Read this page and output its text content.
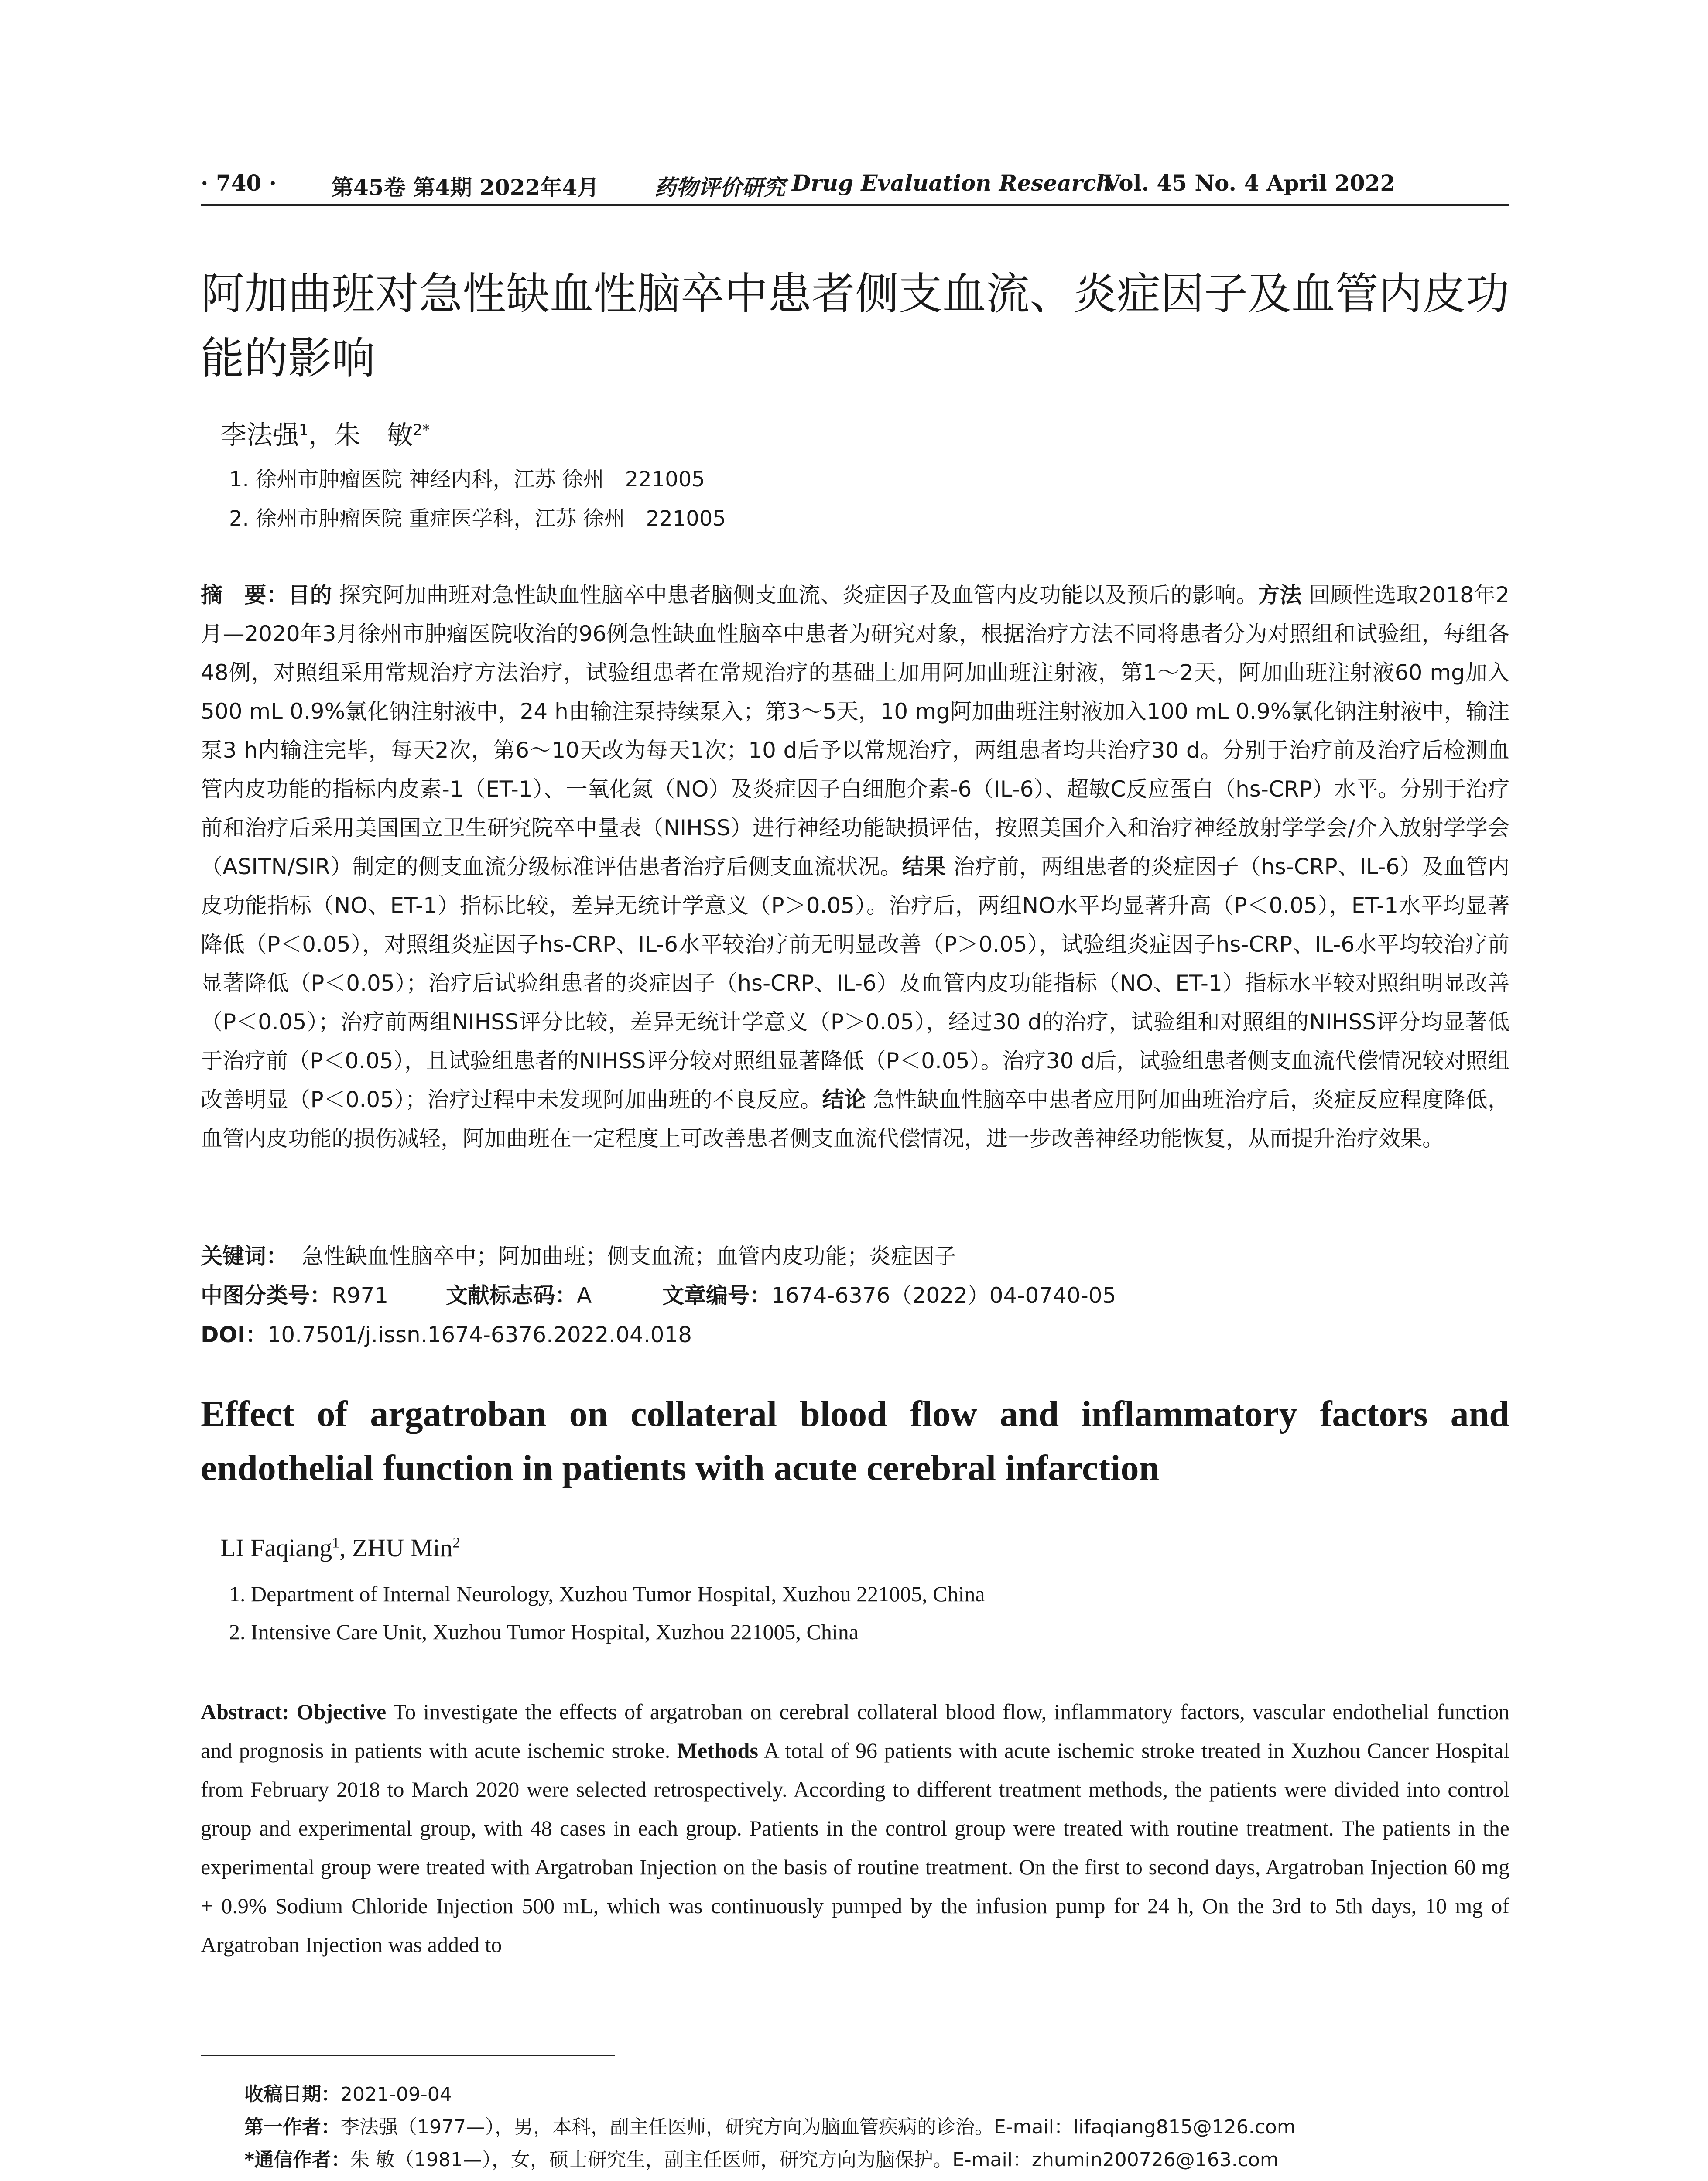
· 740 ·	第45卷 第4期 2022年4月	药物评价研究 Drug Evaluation Research
Vol. 45 No. 4 April 2022
阿加曲班对急性缺血性脑卒中患者侧支血流、炎症因子及血管内皮功能的影响
李法强$^1$，朱　敏$^{2*}$
1. 徐州市肿瘤医院 神经内科，江苏 徐州　221005
2. 徐州市肿瘤医院 重症医学科，江苏 徐州　221005
摘　要：目的 探究阿加曲班对急性缺血性脑卒中患者脑侧支血流、炎症因子及血管内皮功能以及预后的影响。方法 回顾性选取2018年2月—2020年3月徐州市肿瘤医院收治的96例急性缺血性脑卒中患者为研究对象，根据治疗方法不同将患者分为对照组和试验组，每组各48例，对照组采用常规治疗方法治疗，试验组患者在常规治疗的基础上加用阿加曲班注射液，第1～2天，阿加曲班注射液60 mg加入500 mL 0.9%氯化钠注射液中，24 h由输注泵持续泵入；第3～5天，10 mg阿加曲班注射液加入100 mL 0.9%氯化钠注射液中，输注泵3 h内输注完毕，每天2次，第6～10天改为每天1次；10 d后予以常规治疗，两组患者均共治疗30 d。分别于治疗前及治疗后检测血管内皮功能的指标内皮素-1（ET-1）、一氧化氮（NO）及炎症因子白细胞介素-6（IL-6）、超敏C反应蛋白（hs-CRP）水平。分别于治疗前和治疗后采用美国国立卫生研究院卒中量表（NIHSS）进行神经功能缺损评估，按照美国介入和治疗神经放射学学会/介入放射学学会（ASITN/SIR）制定的侧支血流分级标准评估患者治疗后侧支血流状况。结果 治疗前，两组患者的炎症因子（hs-CRP、IL-6）及血管内皮功能指标（NO、ET-1）指标比较，差异无统计学意义（P＞0.05）。治疗后，两组NO水平均显著升高（P＜0.05），ET-1水平均显著降低（P＜0.05），对照组炎症因子hs-CRP、IL-6水平较治疗前无明显改善（P＞0.05），试验组炎症因子hs-CRP、IL-6水平均较治疗前显著降低（P＜0.05）；治疗后试验组患者的炎症因子（hs-CRP、IL-6）及血管内皮功能指标（NO、ET-1）指标水平较对照组明显改善（P＜0.05）；治疗前两组NIHSS评分比较，差异无统计学意义（P＞0.05），经过30 d的治疗，试验组和对照组的NIHSS评分均显著低于治疗前（P＜0.05），且试验组患者的NIHSS评分较对照组显著降低（P＜0.05）。治疗30 d后，试验组患者侧支血流代偿情况较对照组改善明显（P＜0.05）；治疗过程中未发现阿加曲班的不良反应。结论 急性缺血性脑卒中患者应用阿加曲班治疗后，炎症反应程度降低，血管内皮功能的损伤减轻，阿加曲班在一定程度上可改善患者侧支血流代偿情况，进一步改善神经功能恢复，从而提升治疗效果。
关键词： 急性缺血性脑卒中；阿加曲班；侧支血流；血管内皮功能；炎症因子
中图分类号：R971	文献标志码：A	文章编号：1674-6376（2022）04-0740-05
DOI：10.7501/j.issn.1674-6376.2022.04.018
Effect of argatroban on collateral blood flow and inflammatory factors and endothelial function in patients with acute cerebral infarction
LI Faqiang$^1$, ZHU Min$^2$
1. Department of Internal Neurology, Xuzhou Tumor Hospital, Xuzhou 221005, China
2. Intensive Care Unit, Xuzhou Tumor Hospital, Xuzhou 221005, China
Abstract: Objective To investigate the effects of argatroban on cerebral collateral blood flow, inflammatory factors, vascular endothelial function and prognosis in patients with acute ischemic stroke. Methods A total of 96 patients with acute ischemic stroke treated in Xuzhou Cancer Hospital from February 2018 to March 2020 were selected retrospectively. According to different treatment methods, the patients were divided into control group and experimental group, with 48 cases in each group. Patients in the control group were treated with routine treatment. The patients in the experimental group were treated with Argatroban Injection on the basis of routine treatment. On the first to second days, Argatroban Injection 60 mg + 0.9% Sodium Chloride Injection 500 mL, which was continuously pumped by the infusion pump for 24 h, On the 3rd to 5th days, 10 mg of Argatroban Injection was added to
收稿日期：2021-09-04
第一作者：李法强（1977—），男，本科，副主任医师，研究方向为脑血管疾病的诊治。E-mail：lifaqiang815@126.com
*通信作者：朱 敏（1981—），女，硕士研究生，副主任医师，研究方向为脑保护。E-mail：zhumin200726@163.com
